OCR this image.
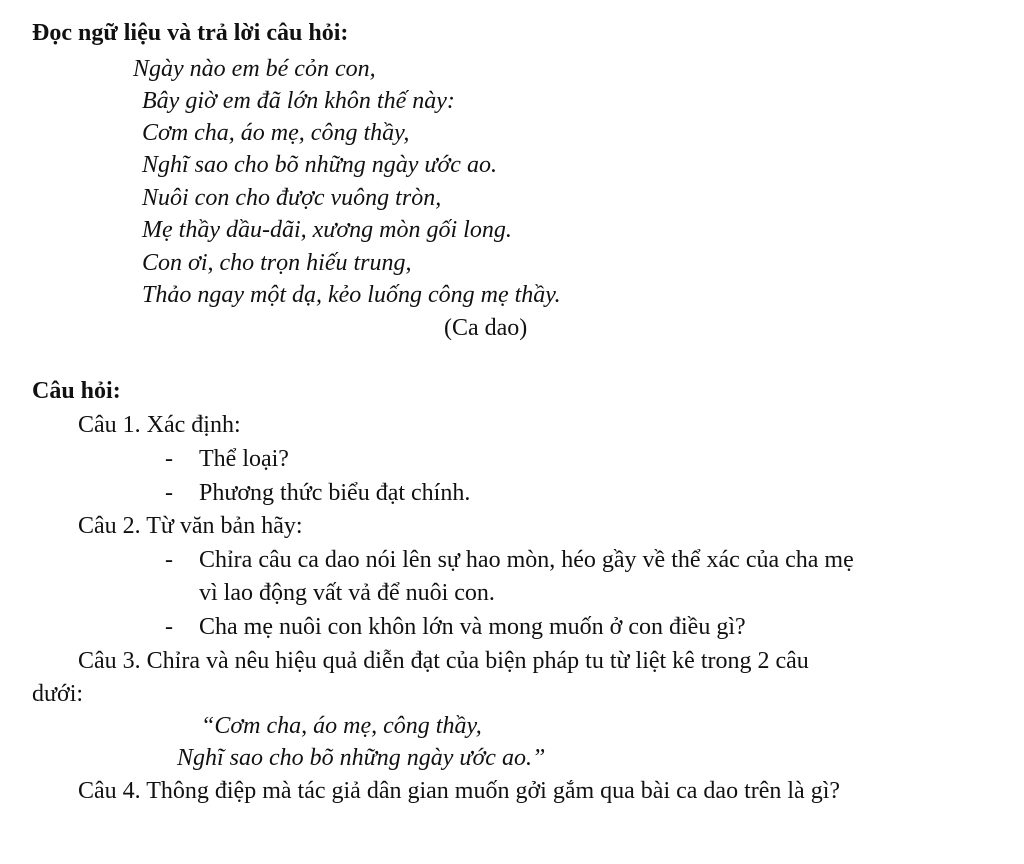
Đọc ngữ liệu và trả lời câu hỏi:
Ngày nào em bé cỏn con,
Bây giờ em đã lớn khôn thế này:
Cơm cha, áo mẹ, công thầy,
Nghĩ sao cho bõ những ngày ước ao.
Nuôi con cho được vuông tròn,
Mẹ thầy dầu-dãi, xương mòn gối long.
Con ơi, cho trọn hiếu trung,
Thảo ngay một dạ, kẻo luống công mẹ thầy.
(Ca dao)
Câu hỏi:
Câu 1. Xác định:
- Thể loại?
- Phương thức biểu đạt chính.
Câu 2. Từ văn bản hãy:
- Chỉra câu ca dao nói lên sự hao mòn, héo gầy về thể xác của cha mẹ
vì lao động vất vả để nuôi con.
- Cha mẹ nuôi con khôn lớn và mong muốn ở con điều gì?
Câu 3. Chỉra và nêu hiệu quả diễn đạt của biện pháp tu từ liệt kê trong 2 câu
dưới:
“Cơm cha, áo mẹ, công thầy,
Nghĩ sao cho bõ những ngày ước ao.”
Câu 4. Thông điệp mà tác giả dân gian muốn gởi gắm qua bài ca dao trên là gì?
